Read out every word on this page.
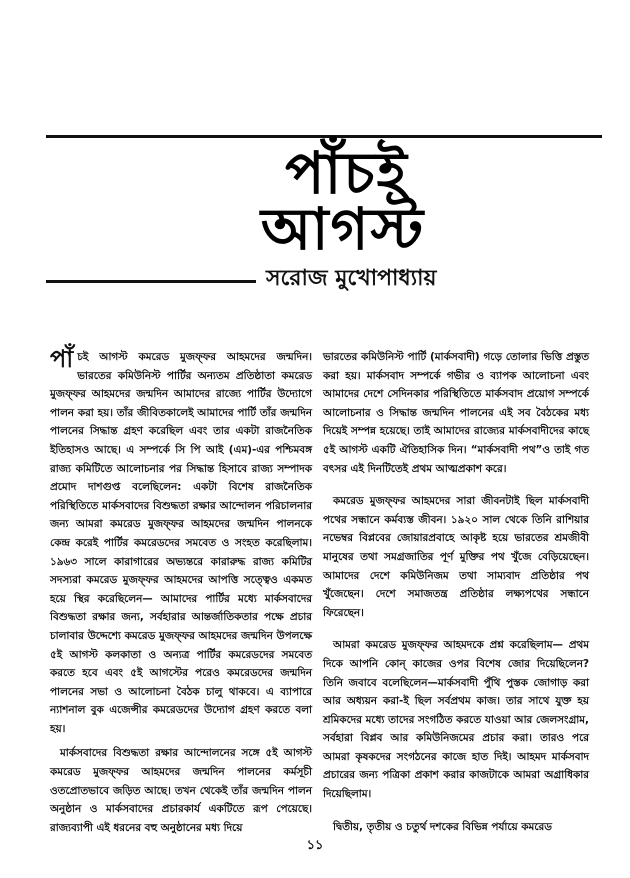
পাঁচই
আগস্ট
সরোজ মুখোপাধ্যায়

পাঁচই আগস্ট কমরেড মুজফ্‌ফর আহমদের জন্মদিন। ভারতের কমিউনিস্ট পার্টির অন্যতম প্রতিষ্ঠাতা কমরেড মুজফ্‌ফর আহমদের জন্মদিন আমাদের রাজ্যে পার্টির উদ্যোগে পালন করা হয়। তাঁর জীবিতকালেই আমাদের পার্টি তাঁর জন্মদিন পালনের সিদ্ধান্ত গ্রহণ করেছিল এবং তার একটা রাজনৈতিক ইতিহাসও আছে। এ সম্পর্কে সি পি আই (এম)-এর পশ্চিমবঙ্গ রাজ্য কমিটিতে আলোচনার পর সিদ্ধান্ত হিসাবে রাজ্য সম্পাদক প্রমোদ দাশগুপ্ত বলেছিলেন: একটা বিশেষ রাজনৈতিক পরিস্থিতিতে মার্কসবাদের বিশুদ্ধতা রক্ষার আন্দোলন পরিচালনার জন্য আমরা কমরেড মুজফ্‌ফর আহমদের জন্মদিন পালনকে কেন্দ্র করেই পার্টির কমরেডদের সমবেত ও সংহত করেছিলাম। ১৯৬৩ সালে কারাগারের অভ্যন্তরে কারারুদ্ধ রাজ্য কমিটির সদস্যরা কমরেড মুজফ্‌ফর আহমদের আপত্তি সত্ত্বেও একমত হয়ে স্থির করেছিলেন— আমাদের পার্টির মধ্যে মার্কসবাদের বিশুদ্ধতা রক্ষার জন্য, সর্বহারার আন্তর্জাতিকতার পক্ষে প্রচার চালাবার উদ্দেশ্যে কমরেড মুজফ্‌ফর আহমদের জন্মদিন উপলক্ষে ৫ই আগস্ট কলকাতা ও অন্যত্র পার্টির কমরেডদের সমবেত করতে হবে এবং ৫ই আগস্টের পরেও কমরেডদের জন্মদিন পালনের সভা ও আলোচনা বৈঠক চালু থাকবে। এ ব্যাপারে ন্যাশনাল বুক এজেন্সীর কমরেডদের উদ্যোগ গ্রহণ করতে বলা হয়।

মার্কসবাদের বিশুদ্ধতা রক্ষার আন্দোলনের সঙ্গে ৫ই আগস্ট কমরেড মুজফ্‌ফর আহমদের জন্মদিন পালনের কর্মসূচী ওতপ্রোতভাবে জড়িত আছে। তখন থেকেই তাঁর জন্মদিন পালন অনুষ্ঠান ও মার্কসবাদের প্রচারকার্য একটিতে রূপ পেয়েছে। রাজ্যব্যাপী এই ধরনের বহু অনুষ্ঠানের মধ্য দিয়ে

ভারতের কমিউনিস্ট পার্টি (মার্কসবাদী) গড়ে তোলার ভিত্তি প্রস্তুত করা হয়। মার্কসবাদ সম্পর্কে গভীর ও ব্যাপক আলোচনা এবং আমাদের দেশে সেদিনকার পরিস্থিতিতে মার্কসবাদ প্রয়োগ সম্পর্কে আলোচনার ও সিদ্ধান্ত জন্মদিন পালনের এই সব বৈঠকের মধ্য দিয়েই সম্পন্ন হয়েছে। তাই আমাদের রাজ্যের মার্কসবাদীদের কাছে ৫ই আগস্ট একটি ঐতিহাসিক দিন। “মার্কসবাদী পথ”ও তাই গত বৎসর এই দিনটিতেই প্রথম আত্মপ্রকাশ করে।

কমরেড মুজফ্‌ফর আহমদের সারা জীবনটাই ছিল মার্কসবাদী পথের সন্ধানে কর্মব্যস্ত জীবন। ১৯২০ সাল থেকে তিনি রাশিয়ার নভেম্বর বিপ্লবের জোয়ারপ্রবাহে আকৃষ্ট হয়ে ভারতের শ্রমজীবী মানুষের তথা সমগ্রজাতির পূর্ণ মুক্তির পথ খুঁজে বেড়িয়েছেন। আমাদের দেশে কমিউনিজম তথা সাম্যবাদ প্রতিষ্ঠার পথ খুঁজেছেন। দেশে সমাজতন্ত্র প্রতিষ্ঠার লক্ষ্যপথের সন্ধানে ফিরেছেন।

আমরা কমরেড মুজফ্‌ফর আহমদকে প্রশ্ন করেছিলাম— প্রথম দিকে আপনি কোন্ কাজের ওপর বিশেষ জোর দিয়েছিলেন? তিনি জবাবে বলেছিলেন—মার্কসবাদী পুঁথি পুস্তক জোগাড় করা আর অধ্যয়ন করা-ই ছিল সর্বপ্রথম কাজ। তার সাথে যুক্ত হয় শ্রমিকদের মধ্যে তাদের সংগঠিত করতে যাওয়া আর জেলসংগ্রাম, সর্বহারা বিপ্লব আর কমিউনিজমের প্রচার করা। তারও পরে আমরা কৃষকদের সংগঠনের কাজে হাত দিই। আহমদ মার্কসবাদ প্রচারের জন্য পত্রিকা প্রকাশ করার কাজটাকে আমরা অগ্রাধিকার দিয়েছিলাম।

দ্বিতীয়, তৃতীয় ও চতুর্থ দশকের বিভিন্ন পর্যায়ে কমরেড

১১
